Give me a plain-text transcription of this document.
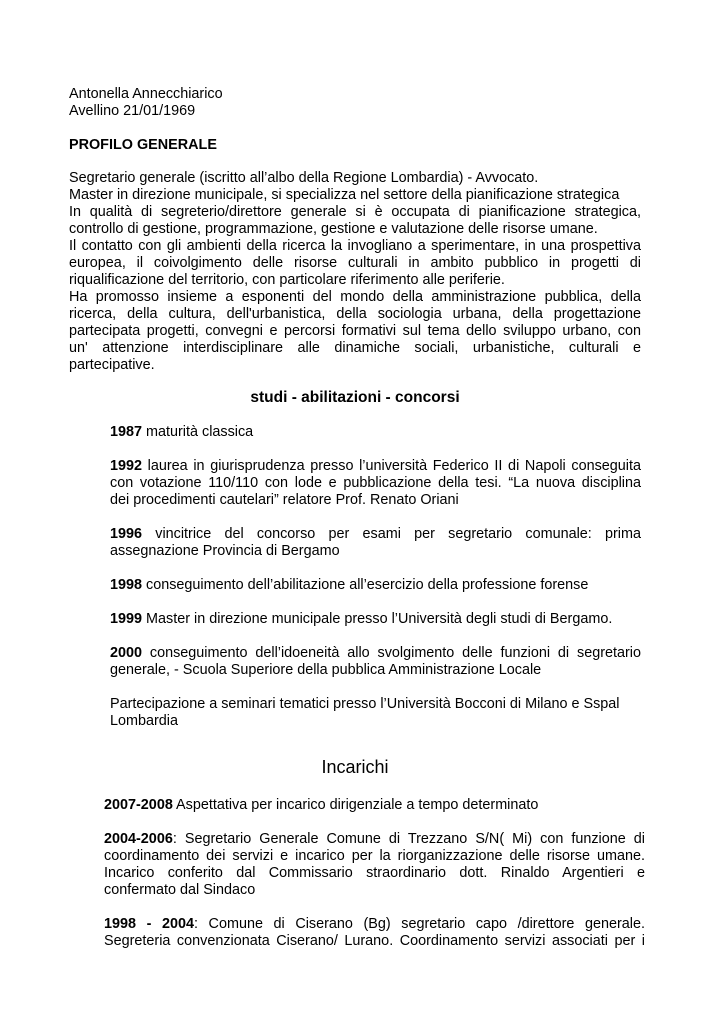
Antonella Annecchiarico

Avellino 21/01/1969

PROFILO GENERALE

Segretario generale (iscritto all’albo della Regione Lombardia) - Avvocato.

Master in direzione municipale, si specializza nel settore della pianificazione strategica

In qualità di segreterio/direttore generale si è occupata di pianificazione strategica,

controllo di gestione, programmazione, gestione e valutazione delle risorse umane.

Il contatto con gli ambienti della ricerca la invogliano a sperimentare, in una prospettiva

europea, il coivolgimento delle risorse culturali in ambito pubblico in progetti di

riqualificazione del territorio, con particolare riferimento alle periferie.

Ha promosso insieme a esponenti del mondo della amministrazione pubblica, della

ricerca, della cultura, dell'urbanistica, della sociologia urbana, della progettazione

partecipata progetti, convegni e percorsi formativi sul tema dello sviluppo urbano, con

un' attenzione interdisciplinare alle dinamiche sociali, urbanistiche, culturali e

partecipative.

studi - abilitazioni - concorsi

1987 maturità classica

1992 laurea in giurisprudenza presso l’università Federico II di Napoli conseguita

con votazione 110/110 con lode e pubblicazione della tesi. “La nuova disciplina

dei procedimenti cautelari” relatore Prof. Renato Oriani

1996 vincitrice del concorso per esami per segretario comunale: prima

assegnazione Provincia di Bergamo

1998 conseguimento dell’abilitazione all’esercizio della professione forense

1999 Master in direzione municipale presso l’Università degli studi di Bergamo.

2000 conseguimento dell’idoeneità allo svolgimento delle funzioni di segretario

generale, - Scuola Superiore della pubblica Amministrazione Locale

Partecipazione a seminari tematici presso l’Università Bocconi di Milano e Sspal

Lombardia

Incarichi

2007-2008 Aspettativa per incarico dirigenziale a tempo determinato

2004-2006: Segretario Generale Comune di Trezzano S/N( Mi) con funzione di

coordinamento dei servizi e incarico per la riorganizzazione delle risorse umane.

Incarico conferito dal Commissario straordinario dott. Rinaldo Argentieri e

confermato dal Sindaco

1998 - 2004: Comune di Ciserano (Bg) segretario capo /direttore generale.

Segreteria convenzionata Ciserano/ Lurano. Coordinamento servizi associati per i
